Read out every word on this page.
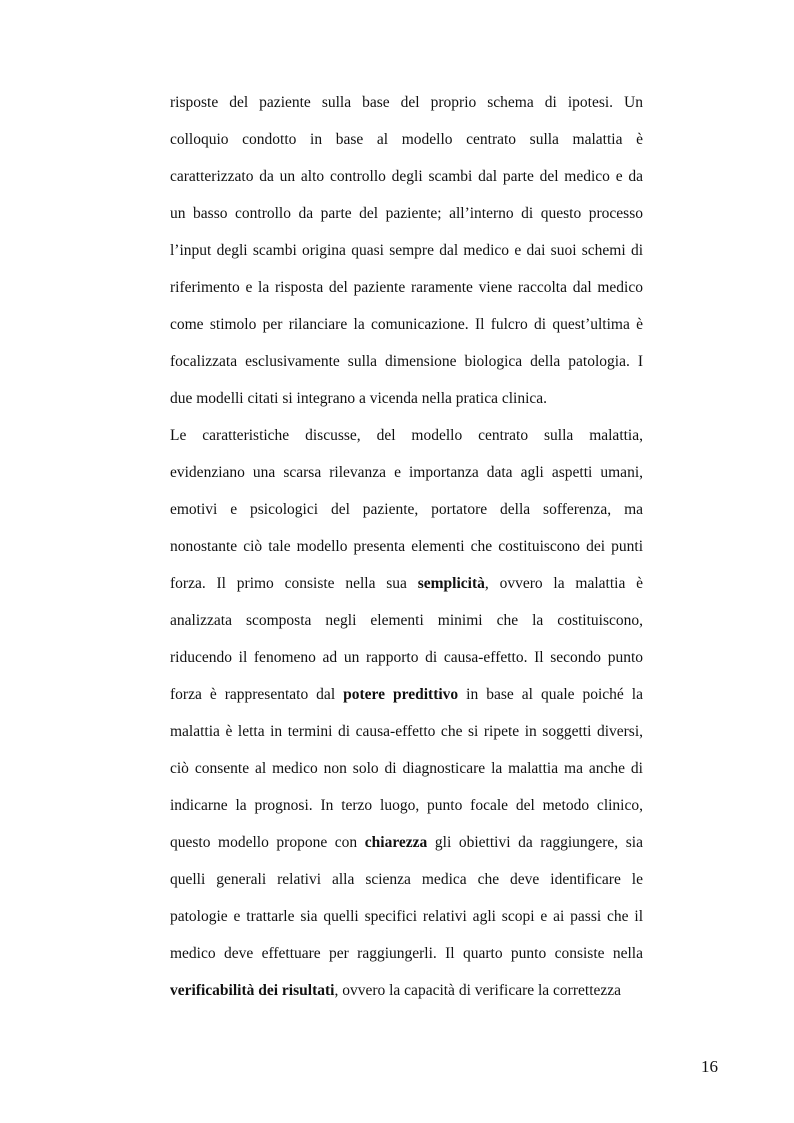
risposte del paziente sulla base del proprio schema di ipotesi. Un
colloquio condotto in base al modello centrato sulla malattia è
caratterizzato da un alto controllo degli scambi dal parte del medico e da
un basso controllo da parte del paziente; all’interno di questo processo
l’input degli scambi origina quasi sempre dal medico e dai suoi schemi di
riferimento e la risposta del paziente raramente viene raccolta dal medico
come stimolo per rilanciare la comunicazione. Il fulcro di quest’ultima è
focalizzata esclusivamente sulla dimensione biologica della patologia. I
due modelli citati si integrano a vicenda nella pratica clinica.
Le caratteristiche discusse, del modello centrato sulla malattia,
evidenziano una scarsa rilevanza e importanza data agli aspetti umani,
emotivi e psicologici del paziente, portatore della sofferenza, ma
nonostante ciò tale modello presenta elementi che costituiscono dei punti
forza. Il primo consiste nella sua semplicità, ovvero la malattia è
analizzata scomposta negli elementi minimi che la costituiscono,
riducendo il fenomeno ad un rapporto di causa-effetto. Il secondo punto
forza è rappresentato dal potere predittivo in base al quale poiché la
malattia è letta in termini di causa-effetto che si ripete in soggetti diversi,
ciò consente al medico non solo di diagnosticare la malattia ma anche di
indicarne la prognosi. In terzo luogo, punto focale del metodo clinico,
questo modello propone con chiarezza gli obiettivi da raggiungere, sia
quelli generali relativi alla scienza medica che deve identificare le
patologie e trattarle sia quelli specifici relativi agli scopi e ai passi che il
medico deve effettuare per raggiungerli. Il quarto punto consiste nella
verificabilità dei risultati, ovvero la capacità di verificare la correttezza
16
